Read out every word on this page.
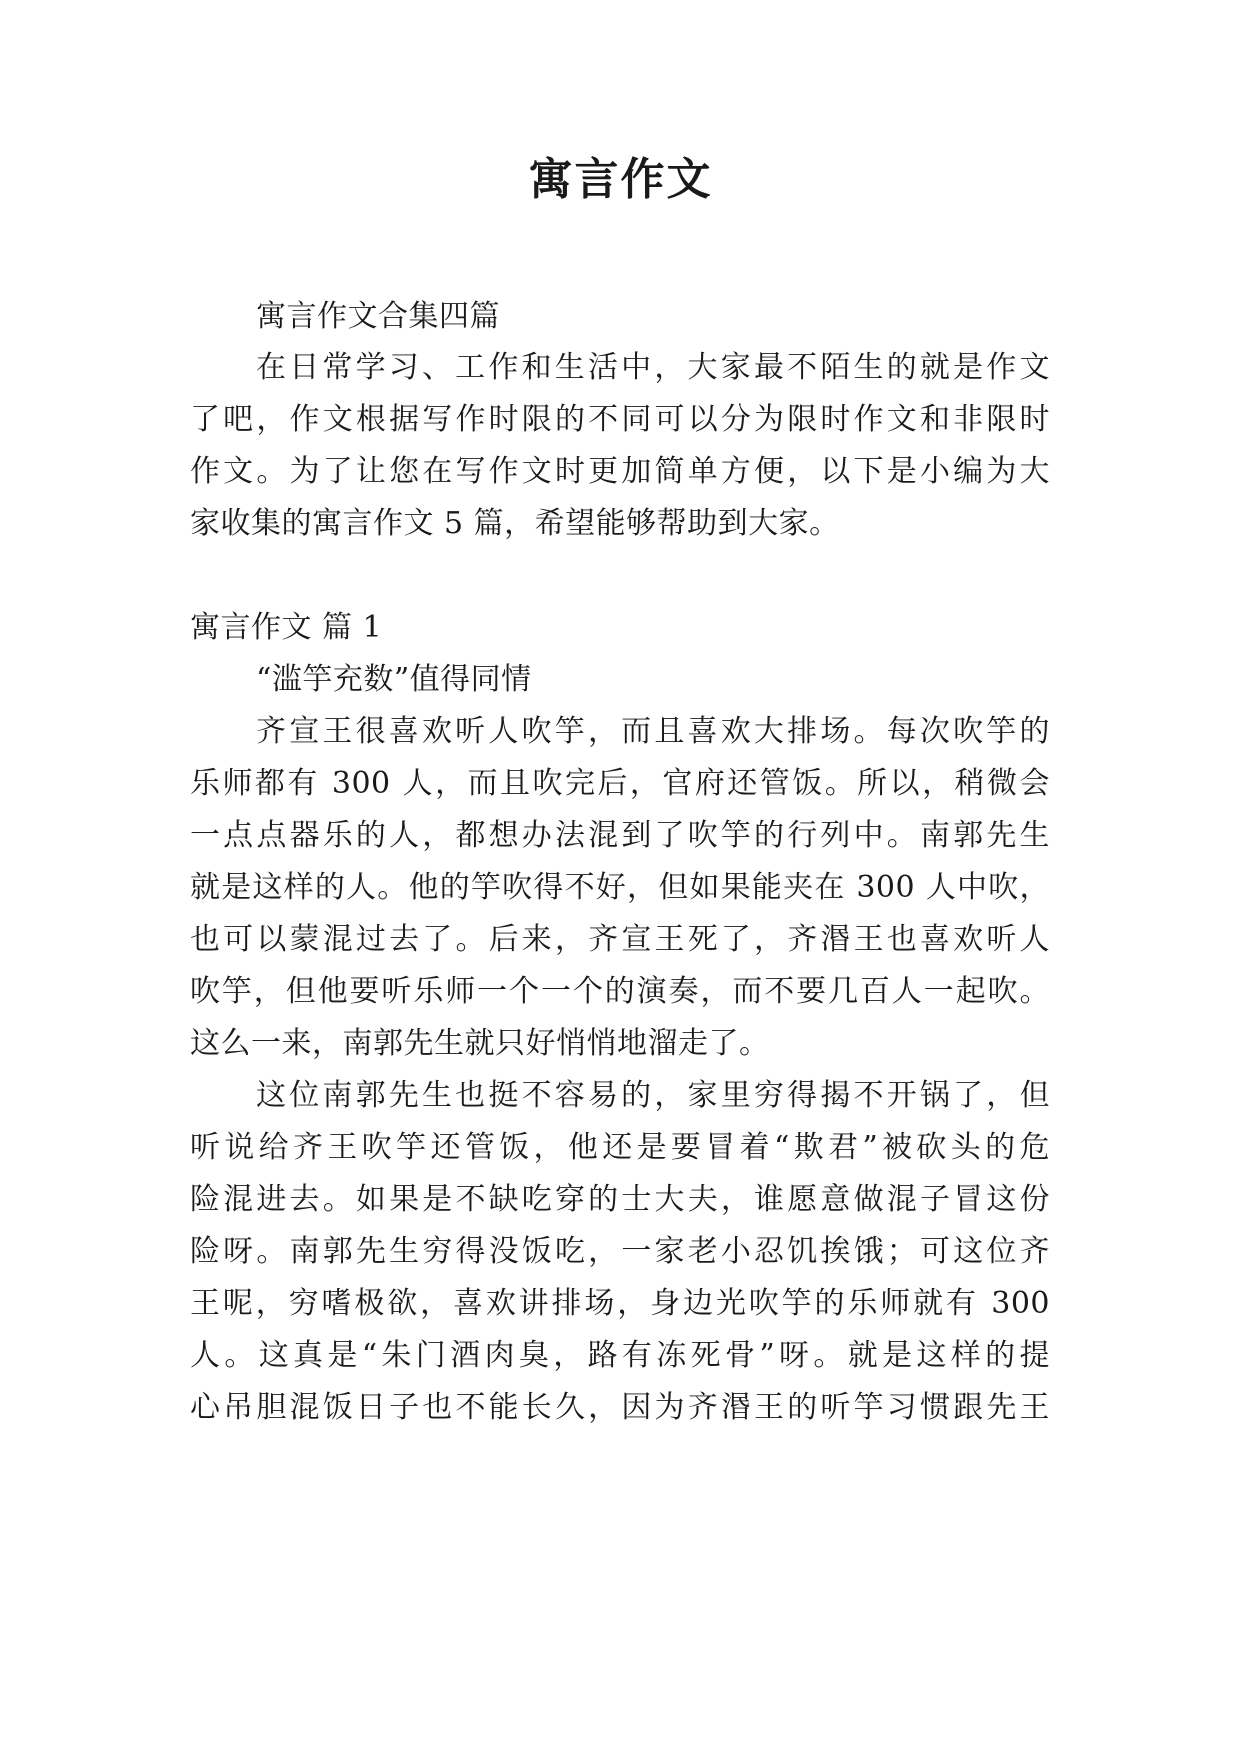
寓言作文
寓言作文合集四篇
在日常学习、工作和生活中，大家最不陌生的就是作文
了吧，作文根据写作时限的不同可以分为限时作文和非限时
作文。为了让您在写作文时更加简单方便，以下是小编为大
家收集的寓言作文 5 篇，希望能够帮助到大家。
寓言作文 篇 1
“滥竽充数”值得同情
齐宣王很喜欢听人吹竽，而且喜欢大排场。每次吹竽的
乐师都有 300 人，而且吹完后，官府还管饭。所以，稍微会
一点点器乐的人，都想办法混到了吹竽的行列中。南郭先生
就是这样的人。他的竽吹得不好，但如果能夹在 300 人中吹，
也可以蒙混过去了。后来，齐宣王死了，齐湣王也喜欢听人
吹竽，但他要听乐师一个一个的演奏，而不要几百人一起吹。
这么一来，南郭先生就只好悄悄地溜走了。
这位南郭先生也挺不容易的，家里穷得揭不开锅了，但
听说给齐王吹竽还管饭，他还是要冒着“欺君”被砍头的危
险混进去。如果是不缺吃穿的士大夫，谁愿意做混子冒这份
险呀。南郭先生穷得没饭吃，一家老小忍饥挨饿；可这位齐
王呢，穷嗜极欲，喜欢讲排场，身边光吹竽的乐师就有 300
人。这真是“朱门酒肉臭，路有冻死骨”呀。就是这样的提
心吊胆混饭日子也不能长久，因为齐湣王的听竽习惯跟先王
